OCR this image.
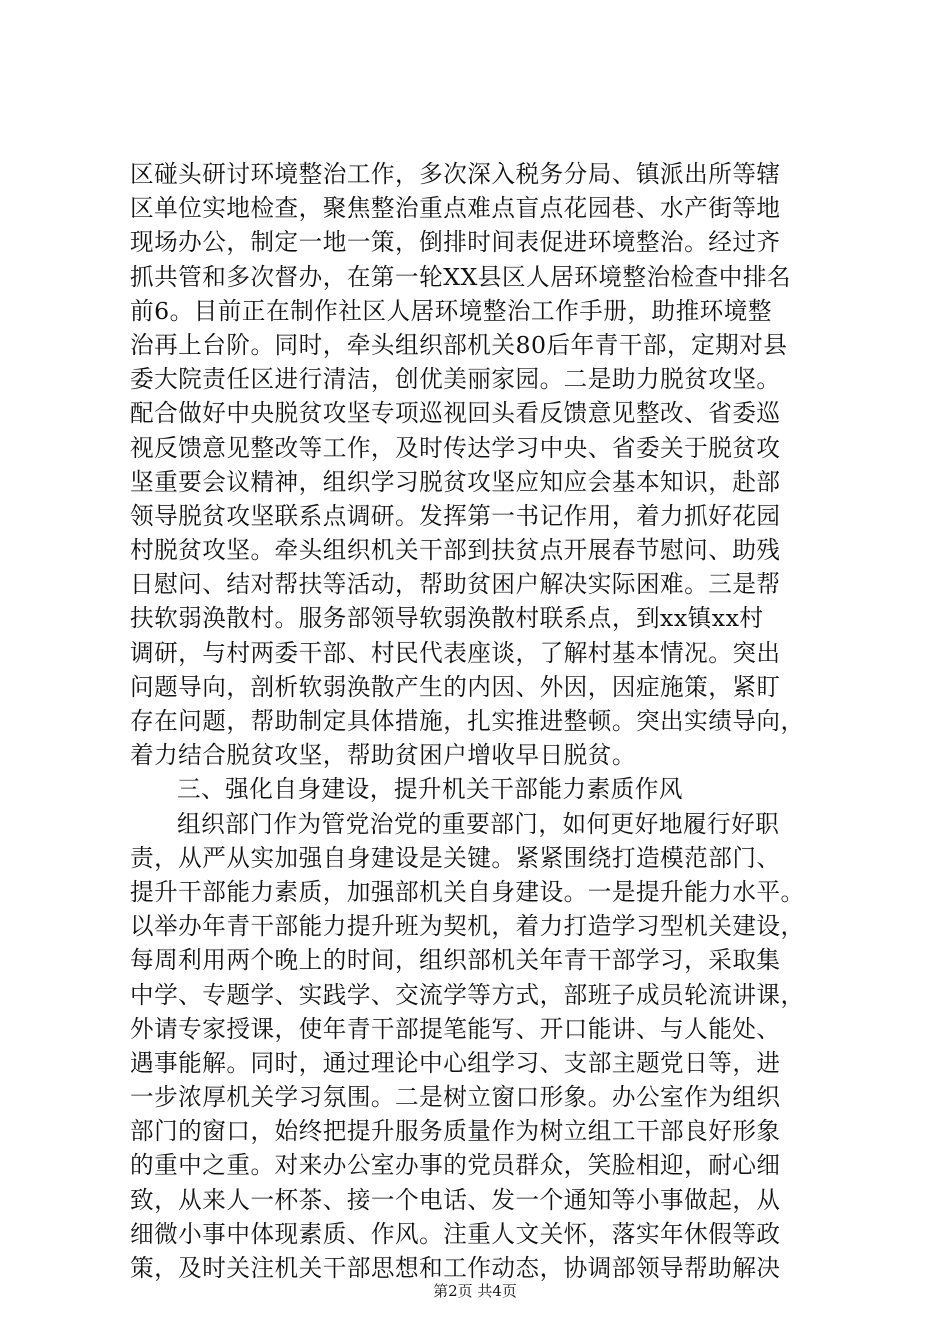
区碰头研讨环境整治工作，多次深入税务分局、镇派出所等辖
区单位实地检查，聚焦整治重点难点盲点花园巷、水产街等地
现场办公，制定一地一策，倒排时间表促进环境整治。经过齐
抓共管和多次督办，在第一轮XX县区人居环境整治检查中排名
前6。目前正在制作社区人居环境整治工作手册，助推环境整
治再上台阶。同时，牵头组织部机关80后年青干部，定期对县
委大院责任区进行清洁，创优美丽家园。二是助力脱贫攻坚。
配合做好中央脱贫攻坚专项巡视回头看反馈意见整改、省委巡
视反馈意见整改等工作，及时传达学习中央、省委关于脱贫攻
坚重要会议精神，组织学习脱贫攻坚应知应会基本知识，赴部
领导脱贫攻坚联系点调研。发挥第一书记作用，着力抓好花园
村脱贫攻坚。牵头组织机关干部到扶贫点开展春节慰问、助残
日慰问、结对帮扶等活动，帮助贫困户解决实际困难。三是帮
扶软弱涣散村。服务部领导软弱涣散村联系点，到xx镇xx村
调研，与村两委干部、村民代表座谈，了解村基本情况。突出
问题导向，剖析软弱涣散产生的内因、外因，因症施策，紧盯
存在问题，帮助制定具体措施，扎实推进整顿。突出实绩导向，
着力结合脱贫攻坚，帮助贫困户增收早日脱贫。
三、强化自身建设，提升机关干部能力素质作风
组织部门作为管党治党的重要部门，如何更好地履行好职
责，从严从实加强自身建设是关键。紧紧围绕打造模范部门、
提升干部能力素质，加强部机关自身建设。一是提升能力水平。
以举办年青干部能力提升班为契机，着力打造学习型机关建设，
每周利用两个晚上的时间，组织部机关年青干部学习，采取集
中学、专题学、实践学、交流学等方式，部班子成员轮流讲课，
外请专家授课，使年青干部提笔能写、开口能讲、与人能处、
遇事能解。同时，通过理论中心组学习、支部主题党日等，进
一步浓厚机关学习氛围。二是树立窗口形象。办公室作为组织
部门的窗口，始终把提升服务质量作为树立组工干部良好形象
的重中之重。对来办公室办事的党员群众，笑脸相迎，耐心细
致，从来人一杯茶、接一个电话、发一个通知等小事做起，从
细微小事中体现素质、作风。注重人文关怀，落实年休假等政
策，及时关注机关干部思想和工作动态，协调部领导帮助解决
第2页 共4页
